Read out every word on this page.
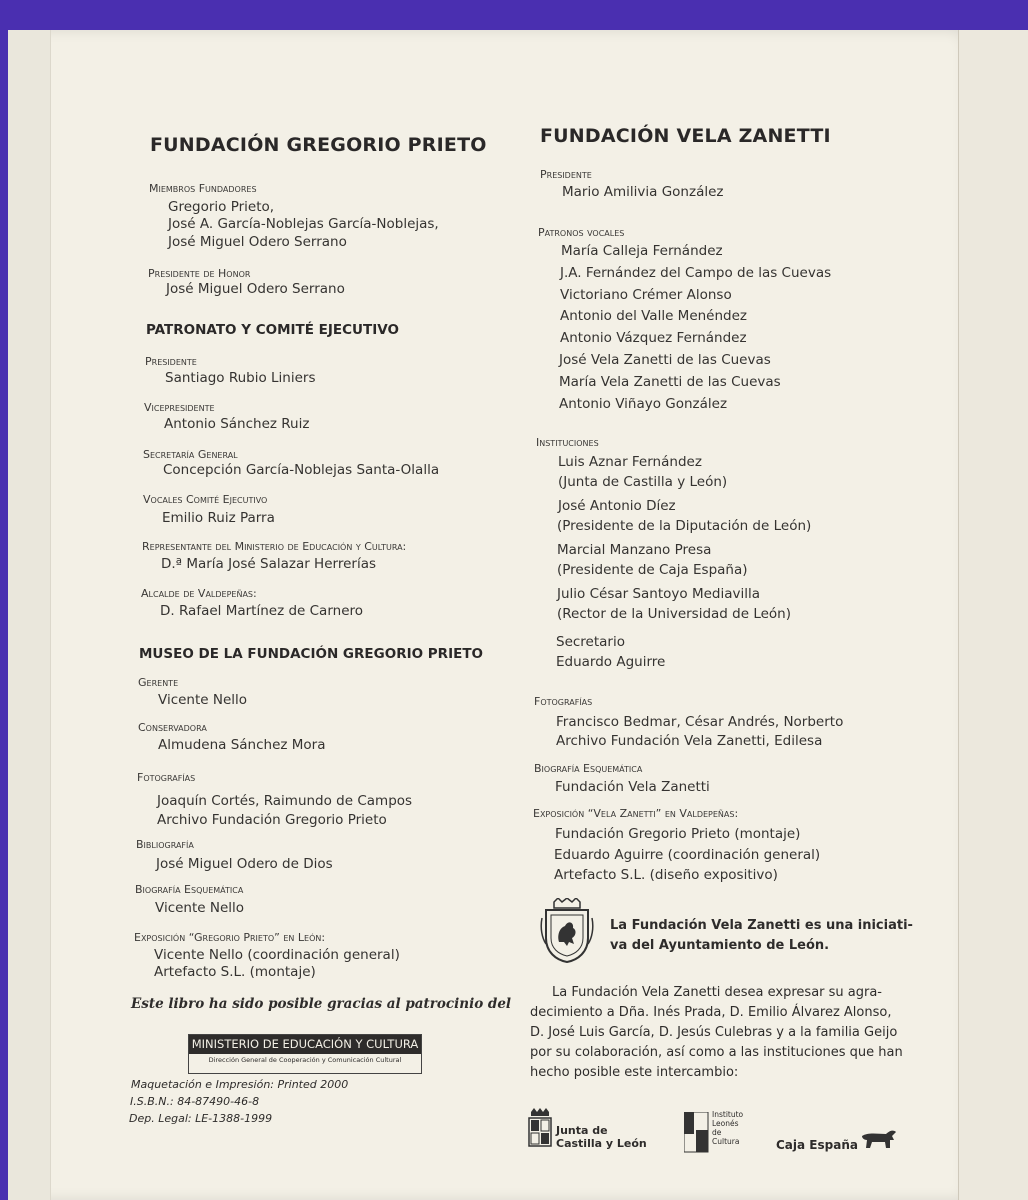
FUNDACIÓN GREGORIO PRIETO
Miembros Fundadores
Gregorio Prieto,
José A. García-Noblejas García-Noblejas,
José Miguel Odero Serrano
Presidente de Honor
José Miguel Odero Serrano
PATRONATO Y COMITÉ EJECUTIVO
Presidente
Santiago Rubio Liniers
Vicepresidente
Antonio Sánchez Ruiz
Secretaría General
Concepción García-Noblejas Santa-Olalla
Vocales Comité Ejecutivo
Emilio Ruiz Parra
Representante del Ministerio de Educación y Cultura:
D.ª María José Salazar Herrerías
Alcalde de Valdepeñas:
D. Rafael Martínez de Carnero
MUSEO DE LA FUNDACIÓN GREGORIO PRIETO
Gerente
Vicente Nello
Conservadora
Almudena Sánchez Mora
Fotografías
Joaquín Cortés, Raimundo de Campos
Archivo Fundación Gregorio Prieto
Bibliografía
José Miguel Odero de Dios
Biografía Esquemática
Vicente Nello
Exposición “Gregorio Prieto” en León:
Vicente Nello (coordinación general)
Artefacto S.L. (montaje)
Este libro ha sido posible gracias al patrocinio del
MINISTERIO DE EDUCACIÓN Y CULTURA
Dirección General de Cooperación y Comunicación Cultural
Maquetación e Impresión: Printed 2000
I.S.B.N.: 84-87490-46-8
Dep. Legal: LE-1388-1999
FUNDACIÓN VELA ZANETTI
Presidente
Mario Amilivia González
Patronos vocales
María Calleja Fernández
J.A. Fernández del Campo de las Cuevas
Victoriano Crémer Alonso
Antonio del Valle Menéndez
Antonio Vázquez Fernández
José Vela Zanetti de las Cuevas
María Vela Zanetti de las Cuevas
Antonio Viñayo González
Instituciones
Luis Aznar Fernández
(Junta de Castilla y León)
José Antonio Díez
(Presidente de la Diputación de León)
Marcial Manzano Presa
(Presidente de Caja España)
Julio César Santoyo Mediavilla
(Rector de la Universidad de León)
Secretario
Eduardo Aguirre
Fotografías
Francisco Bedmar, César Andrés, Norberto
Archivo Fundación Vela Zanetti, Edilesa
Biografía Esquemática
Fundación Vela Zanetti
Exposición “Vela Zanetti” en Valdepeñas:
Fundación Gregorio Prieto (montaje)
Eduardo Aguirre (coordinación general)
Artefacto S.L. (diseño expositivo)
La Fundación Vela Zanetti es una iniciati-
va del Ayuntamiento de León.
La Fundación Vela Zanetti desea expresar su agra-
decimiento a Dña. Inés Prada, D. Emilio Álvarez Alonso,
D. José Luis García, D. Jesús Culebras y a la familia Geijo
por su colaboración, así como a las instituciones que han
hecho posible este intercambio:
Junta de
Castilla y León
Instituto
Leonés
de
Cultura	Caja España
